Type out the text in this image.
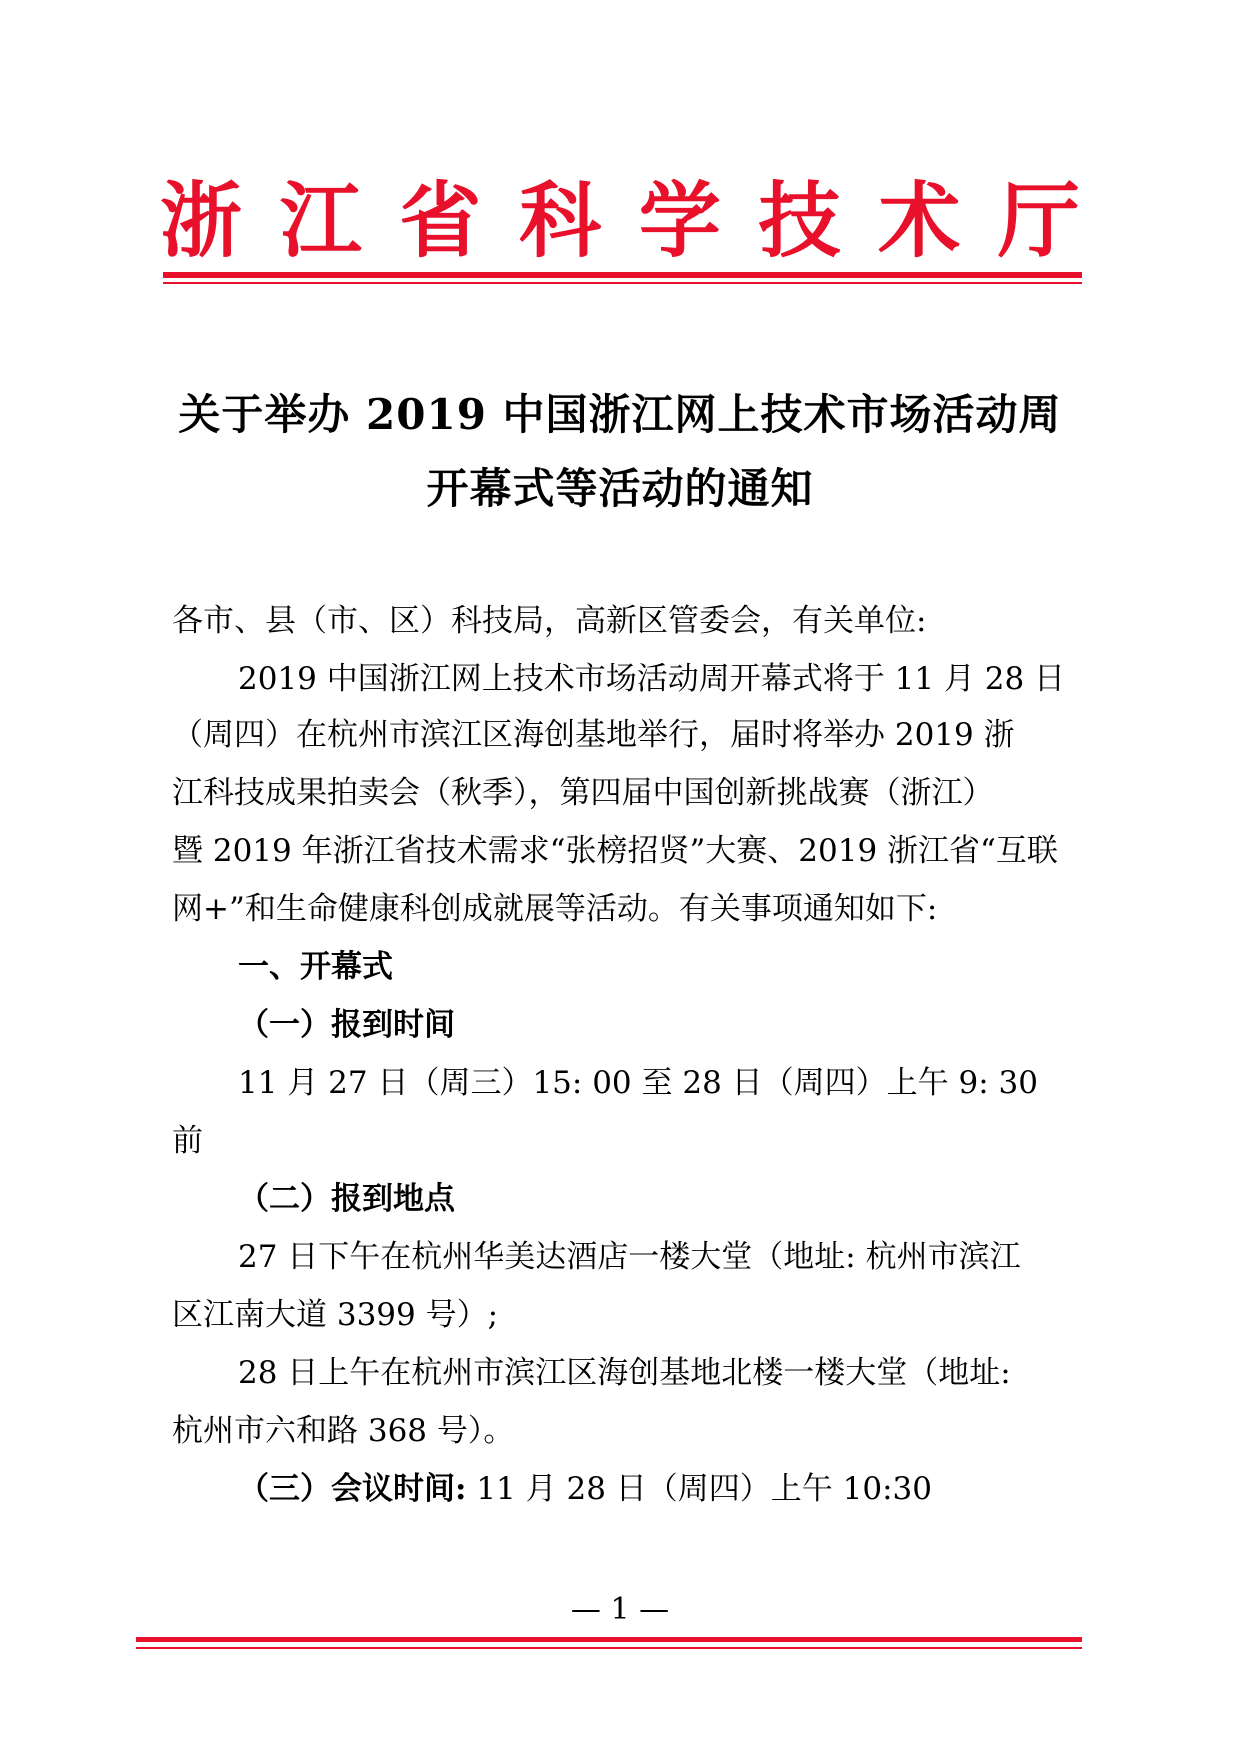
浙 江 省 科 学 技 术 厅
关于举办 2019 中国浙江网上技术市场活动周
开幕式等活动的通知
各市、县（市、区）科技局，高新区管委会，有关单位:
2019 中国浙江网上技术市场活动周开幕式将于 11 月 28 日
（周四）在杭州市滨江区海创基地举行，届时将举办 2019 浙
江科技成果拍卖会（秋季），第四届中国创新挑战赛（浙江）
暨 2019 年浙江省技术需求“张榜招贤”大赛、2019 浙江省“互联
网+”和生命健康科创成就展等活动。有关事项通知如下:
一、开幕式
（一）报到时间
11 月 27 日（周三）15: 00 至 28 日（周四）上午 9: 30
前
（二）报到地点
27 日下午在杭州华美达酒店一楼大堂（地址: 杭州市滨江
区江南大道 3399 号）;
28 日上午在杭州市滨江区海创基地北楼一楼大堂（地址:
杭州市六和路 368 号）。
（三）会议时间: 11 月 28 日（周四）上午 10:30
— 1 —
